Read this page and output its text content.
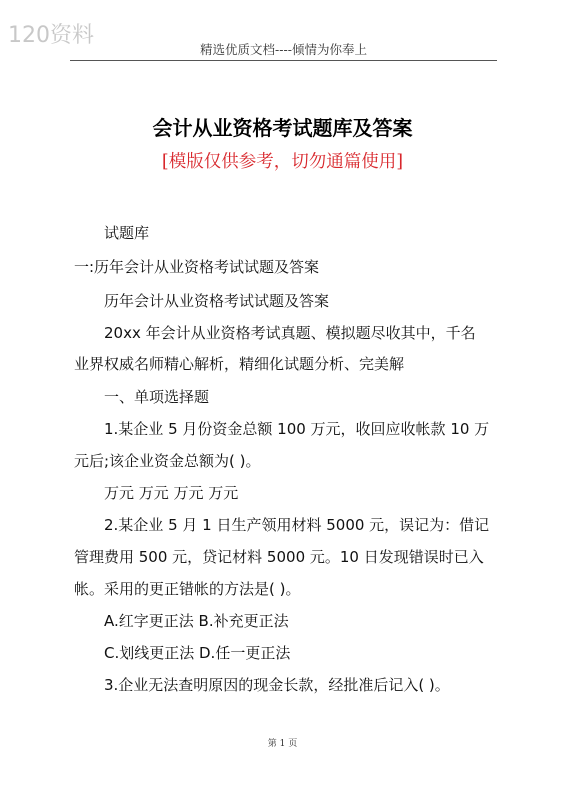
120资料
精选优质文档----倾情为你奉上
会计从业资格考试题库及答案
[模版仅供参考，切勿通篇使用]
试题库
一:历年会计从业资格考试试题及答案
历年会计从业资格考试试题及答案
20xx 年会计从业资格考试真题、模拟题尽收其中，千名
业界权威名师精心解析，精细化试题分析、完美解
一、单项选择题
1.某企业 5 月份资金总额 100 万元，收回应收帐款 10 万
元后;该企业资金总额为( )。
万元 万元 万元 万元
2.某企业 5 月 1 日生产领用材料 5000 元，误记为：借记
管理费用 500 元，贷记材料 5000 元。10 日发现错误时已入
帐。采用的更正错帐的方法是( )。
A.红字更正法 B.补充更正法
C.划线更正法 D.任一更正法
3.企业无法查明原因的现金长款，经批准后记入( )。
第 1 页
